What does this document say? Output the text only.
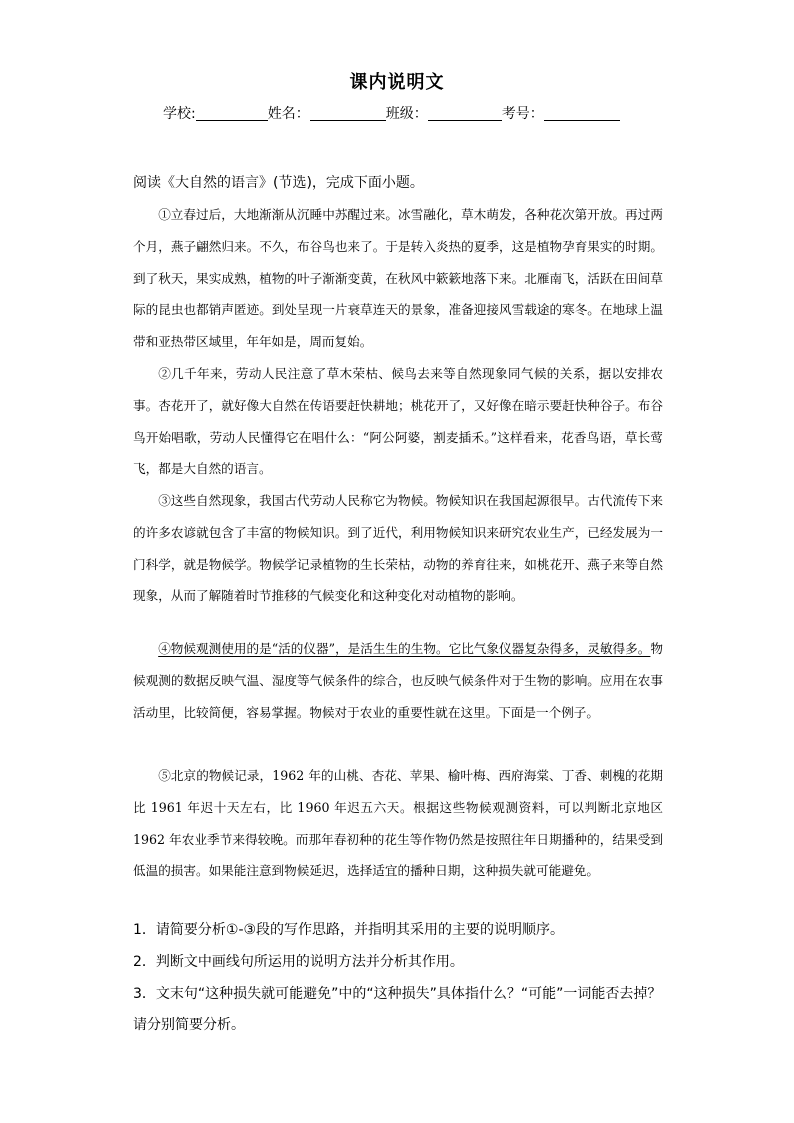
课内说明文
学校:	姓名：	班级：	考号：
阅读《大自然的语言》(节选)，完成下面小题。

①立春过后，大地渐渐从沉睡中苏醒过来。冰雪融化，草木萌发，各种花次第开放。再过两个月，燕子翩然归来。不久，布谷鸟也来了。于是转入炎热的夏季，这是植物孕育果实的时期。到了秋天，果实成熟，植物的叶子渐渐变黄，在秋风中簌簌地落下来。北雁南飞，活跃在田间草际的昆虫也都销声匿迹。到处呈现一片衰草连天的景象，准备迎接风雪载途的寒冬。在地球上温带和亚热带区域里，年年如是，周而复始。

②几千年来，劳动人民注意了草木荣枯、候鸟去来等自然现象同气候的关系，据以安排农事。杏花开了，就好像大自然在传语要赶快耕地；桃花开了，又好像在暗示要赶快种谷子。布谷鸟开始唱歌，劳动人民懂得它在唱什么：“阿公阿婆，割麦插禾。”这样看来，花香鸟语，草长莺飞，都是大自然的语言。

③这些自然现象，我国古代劳动人民称它为物候。物候知识在我国起源很早。古代流传下来的许多农谚就包含了丰富的物候知识。到了近代，利用物候知识来研究农业生产，已经发展为一门科学，就是物候学。物候学记录植物的生长荣枯，动物的养育往来，如桃花开、燕子来等自然现象，从而了解随着时节推移的气候变化和这种变化对动植物的影响。

④物候观测使用的是“活的仪器”，是活生生的生物。它比气象仪器复杂得多，灵敏得多。物候观测的数据反映气温、湿度等气候条件的综合，也反映气候条件对于生物的影响。应用在农事活动里，比较简便，容易掌握。物候对于农业的重要性就在这里。下面是一个例子。

⑤北京的物候记录，1962 年的山桃、杏花、苹果、榆叶梅、西府海棠、丁香、刺槐的花期比 1961 年迟十天左右，比 1960 年迟五六天。根据这些物候观测资料，可以判断北京地区 1962 年农业季节来得较晚。而那年春初种的花生等作物仍然是按照往年日期播种的，结果受到低温的损害。如果能注意到物候延迟，选择适宜的播种日期，这种损失就可能避免。

1．请简要分析①-③段的写作思路，并指明其采用的主要的说明顺序。

2．判断文中画线句所运用的说明方法并分析其作用。

3．文末句“这种损失就可能避免”中的“这种损失”具体指什么？“可能”一词能否去掉？请分别简要分析。
